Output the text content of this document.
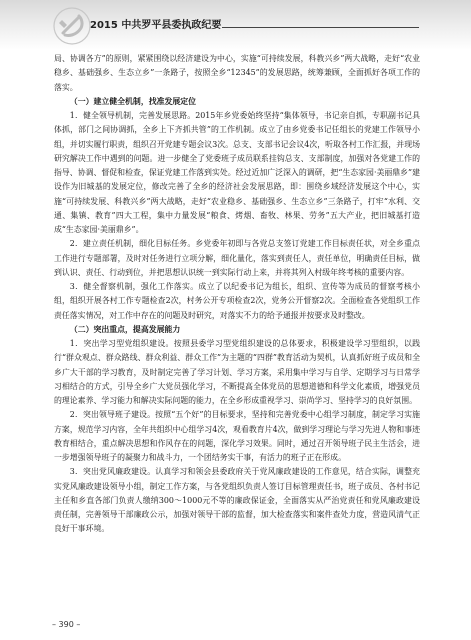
2015 中共罗平县委执政纪要

局、协调各方”的原则，紧紧围绕以经济建设为中心，实施“可持续发展，科教兴乡”两大战略，走好“农业稳乡、基础强乡、生态立乡”一条路子，按照全乡“12345”的发展思路，统筹兼顾，全面抓好各项工作的落实。

（一）建立健全机制，找准发展定位

1．健全领导机制，完善发展思路。2015年乡党委始终坚持“集体领导，书记亲自抓，专职副书记具体抓，部门之间协调抓，全乡上下齐抓共管”的工作机制。成立了由乡党委书记任组长的党建工作领导小组，并切实履行职责，组织召开党建专题会议3次。总支、支部书记会议4次，听取各村工作汇报，并现场研究解决工作中遇到的问题。进一步健全了党委班子成员联系挂钩总支、支部制度，加强对各党建工作的指导、协调、督促和检查，保证党建工作落到实处。经过近加广泛深入的调研，把“生态家园·美丽鼎乡”建设作为旧城基的发展定位，修改完善了全乡的经济社会发展思路，即：围绕乡域经济发展这个中心，实施“可持续发展、科教兴乡”两大战略，走好“农业稳乡、基础强乡、生态立乡”三条路子，打牢“水利、交通、集镇、教育”四大工程，集中力量发展“粮食、烤烟、畜牧、林果、劳务”五大产业，把旧城基打造成“生态家园·美丽鼎乡”。

2．建立责任机制，细化目标任务。乡党委年初即与各党总支签订党建工作目标责任状，对全乡重点工作进行专题部署，及时对任务进行立项分解，细化量化，落实到责任人，责任单位，明确责任目标，做到认识、责任、行动到位，并把思想认识统一到实际行动上来，并将其列入村级年终考核的重要内容。

3．健全督察机制，强化工作落实。成立了以纪委书记为组长，组织、宣传等为成员的督察考核小组，组织开展各村工作专题检查2次，村务公开专项检查2次，党务公开督察2次。全面检查各党组织工作责任落实情况，对工作中存在的问题及时研究，对落实不力的给予通报并按要求及时整改。

（二）突出重点，提高发展能力

1．突出学习型党组织建设。按照县委学习型党组织建设的总体要求，积极建设学习型组织，以践行“群众观点、群众路线、群众利益、群众工作”为主题的“四群”教育活动为契机，认真抓好班子成员和全乡广大干部的学习教育，及时制定完善了学习计划、学习方案，采用集中学习与自学、定期学习与日常学习相结合的方式，引导全乡广大党员强化学习，不断提高全体党员的思想道德和科学文化素质，增强党员的理论素养、学习能力和解决实际问题的能力，在全乡形成重视学习、崇尚学习、坚持学习的良好氛围。

2．突出领导班子建设。按照“五个好”的目标要求，坚持和完善党委中心组学习制度，制定学习实施方案，规范学习内容，全年共组织中心组学习4次，观看教育片4次，做到学习理论与学习先进人物和事迹教育相结合，重点解决思想和作风存在的问题，深化学习效果。同时，通过召开领导班子民主生活会，进一步增强领导班子的凝聚力和战斗力，一个团结务实干事，有活力的班子正在形成。

3．突出党风廉政建设。认真学习和领会县委政府关于党风廉政建设的工作意见，结合实际，调整充实党风廉政建设领导小组，制定工作方案，与各党组织负责人签订目标管理责任书，班子成员、各村书记主任和乡直各部门负责人缴纳300～1000元不等的廉政保证金，全面落实从严治党责任和党风廉政建设责任制，完善领导干部廉政公示，加强对领导干部的监督，加大检查落实和案件查处力度，营造风清气正良好干事环境。

– 390 –
